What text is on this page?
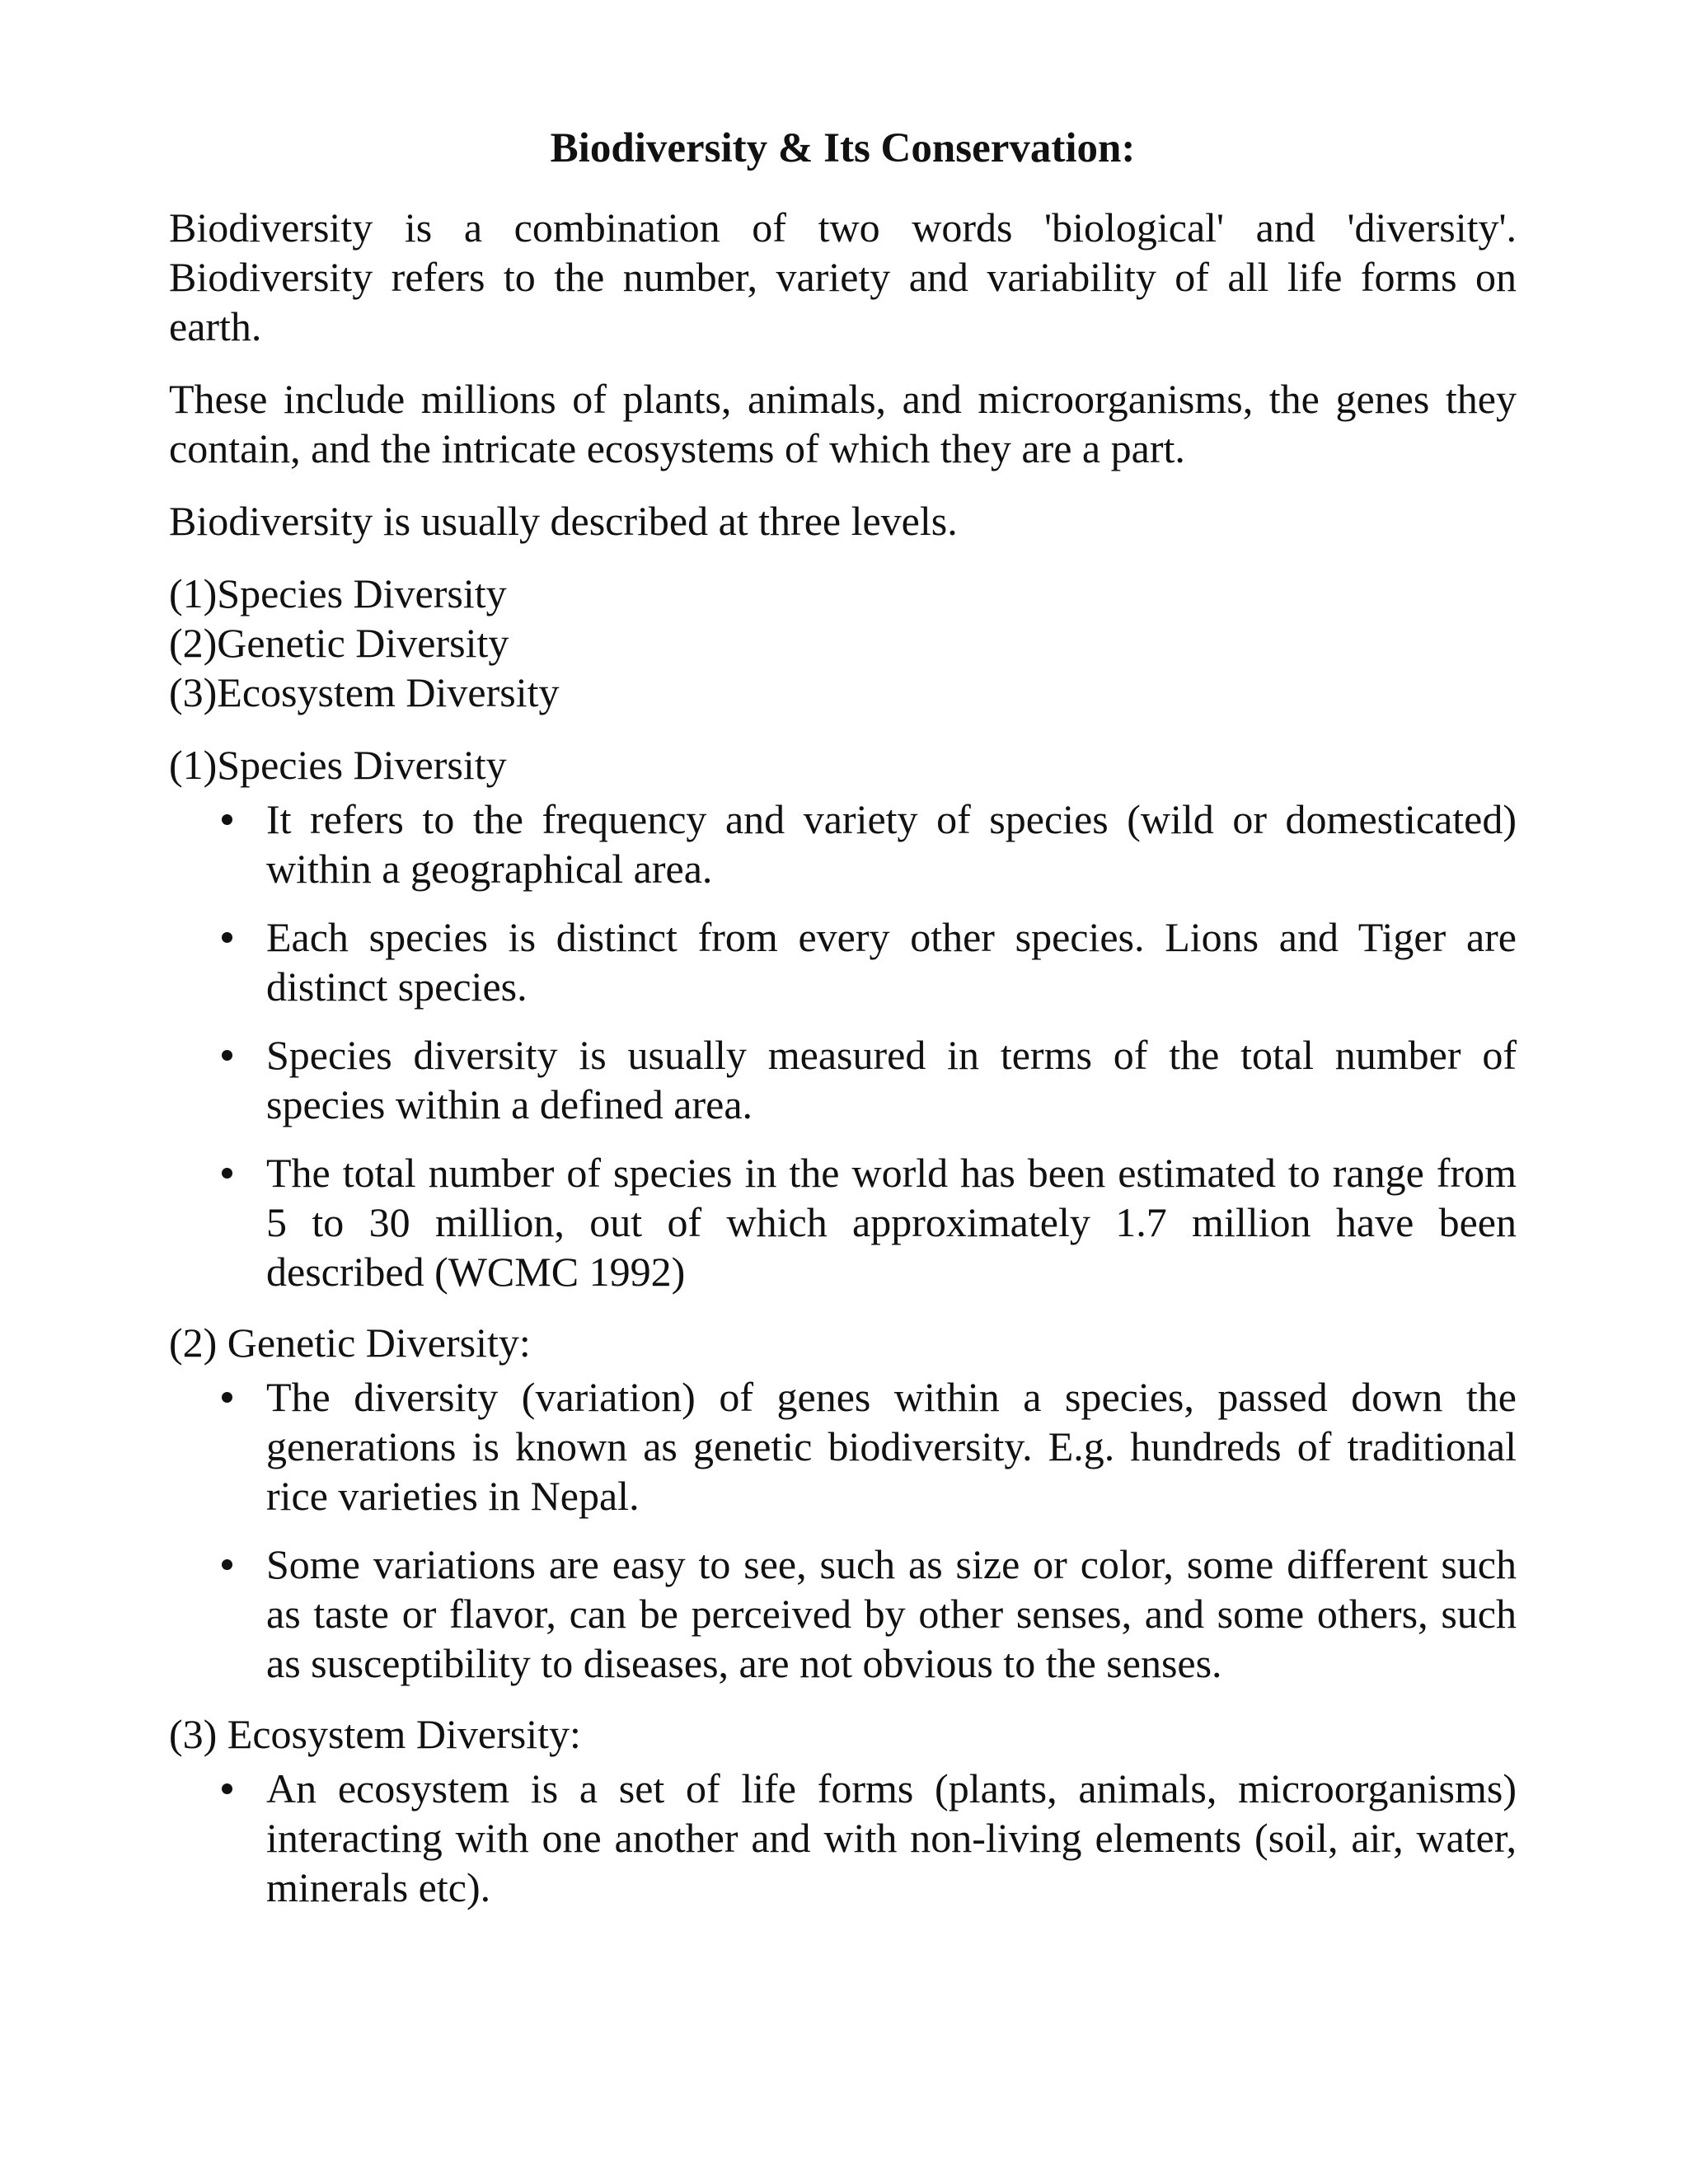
Biodiversity & Its Conservation:

Biodiversity is a combination of two words 'biological' and 'diversity'. Biodiversity refers to the number, variety and variability of all life forms on earth.

These include millions of plants, animals, and microorganisms, the genes they contain, and the intricate ecosystems of which they are a part.

Biodiversity is usually described at three levels.

(1)Species Diversity
(2)Genetic Diversity
(3)Ecosystem Diversity
(1)Species Diversity
It refers to the frequency and variety of species (wild or domesticated) within a geographical area.
Each species is distinct from every other species. Lions and Tiger are distinct species.
Species diversity is usually measured in terms of the total number of species within a defined area.
The total number of species in the world has been estimated to range from 5 to 30 million, out of which approximately 1.7 million have been described (WCMC 1992)
(2) Genetic Diversity:
The diversity (variation) of genes within a species, passed down the generations is known as genetic biodiversity. E.g. hundreds of traditional rice varieties in Nepal.
Some variations are easy to see, such as size or color, some different such as taste or flavor, can be perceived by other senses, and some others, such as susceptibility to diseases, are not obvious to the senses.
(3) Ecosystem Diversity:
An ecosystem is a set of life forms (plants, animals, microorganisms) interacting with one another and with non-living elements (soil, air, water, minerals etc).
